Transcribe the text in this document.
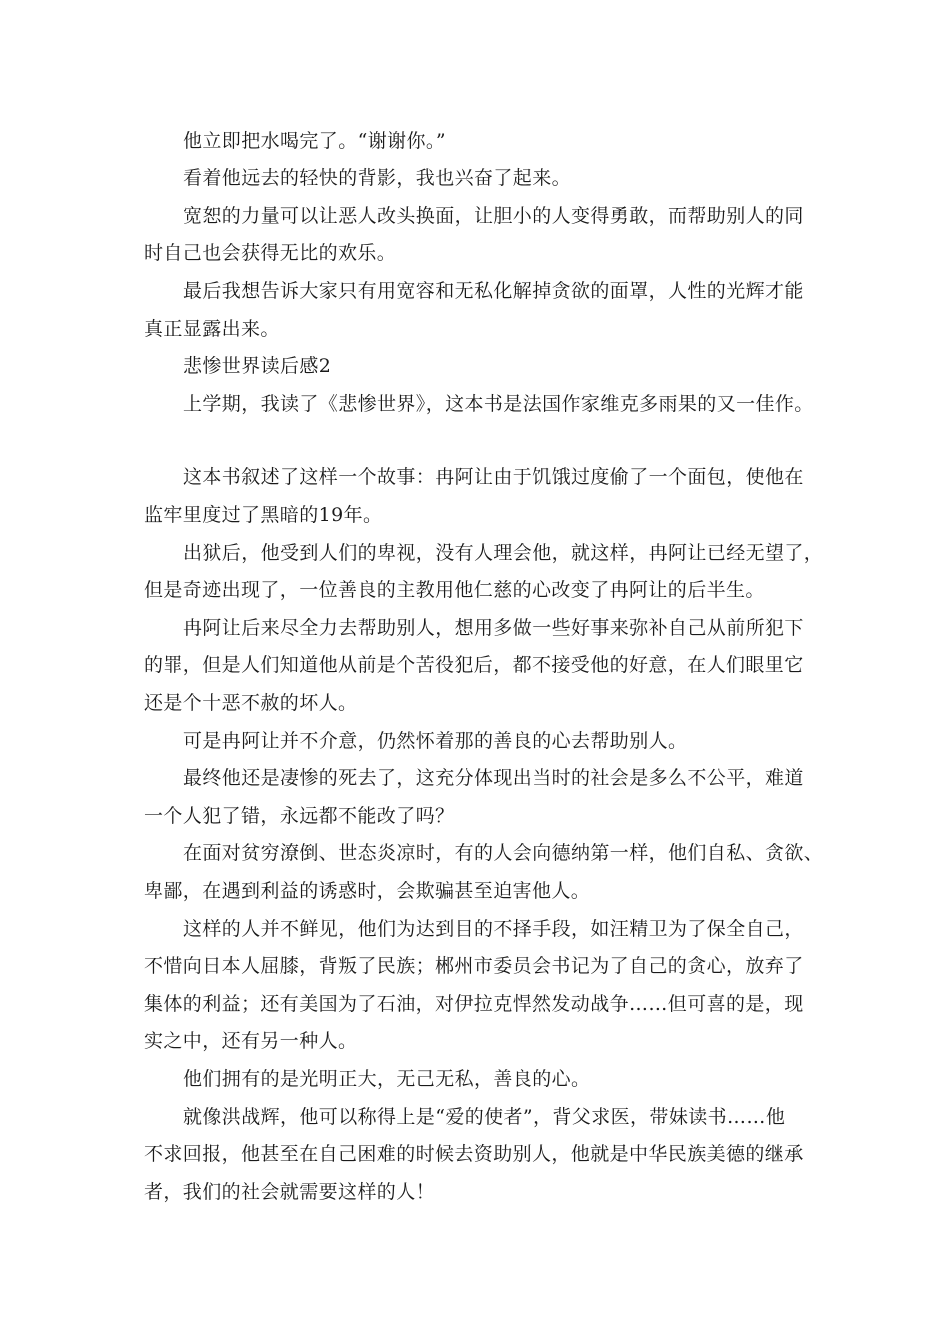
他立即把水喝完了。“谢谢你。”
看着他远去的轻快的背影，我也兴奋了起来。
宽恕的力量可以让恶人改头换面，让胆小的人变得勇敢，而帮助别人的同
时自己也会获得无比的欢乐。
最后我想告诉大家只有用宽容和无私化解掉贪欲的面罩，人性的光辉才能
真正显露出来。
悲惨世界读后感2
上学期，我读了《悲惨世界》，这本书是法国作家维克多雨果的又一佳作。
这本书叙述了这样一个故事：冉阿让由于饥饿过度偷了一个面包，使他在
监牢里度过了黑暗的19年。
出狱后，他受到人们的卑视，没有人理会他，就这样，冉阿让已经无望了，
但是奇迹出现了，一位善良的主教用他仁慈的心改变了冉阿让的后半生。
冉阿让后来尽全力去帮助别人，想用多做一些好事来弥补自己从前所犯下
的罪，但是人们知道他从前是个苦役犯后，都不接受他的好意，在人们眼里它
还是个十恶不赦的坏人。
可是冉阿让并不介意，仍然怀着那的善良的心去帮助别人。
最终他还是凄惨的死去了，这充分体现出当时的社会是多么不公平，难道
一个人犯了错，永远都不能改了吗？
在面对贫穷潦倒、世态炎凉时，有的人会向德纳第一样，他们自私、贪欲、
卑鄙，在遇到利益的诱惑时，会欺骗甚至迫害他人。
这样的人并不鲜见，他们为达到目的不择手段，如汪精卫为了保全自己，
不惜向日本人屈膝，背叛了民族；郴州市委员会书记为了自己的贪心，放弃了
集体的利益；还有美国为了石油，对伊拉克悍然发动战争……但可喜的是，现
实之中，还有另一种人。
他们拥有的是光明正大，无己无私，善良的心。
就像洪战辉，他可以称得上是“爱的使者”，背父求医，带妹读书……他
不求回报，他甚至在自己困难的时候去资助别人，他就是中华民族美德的继承
者，我们的社会就需要这样的人！
